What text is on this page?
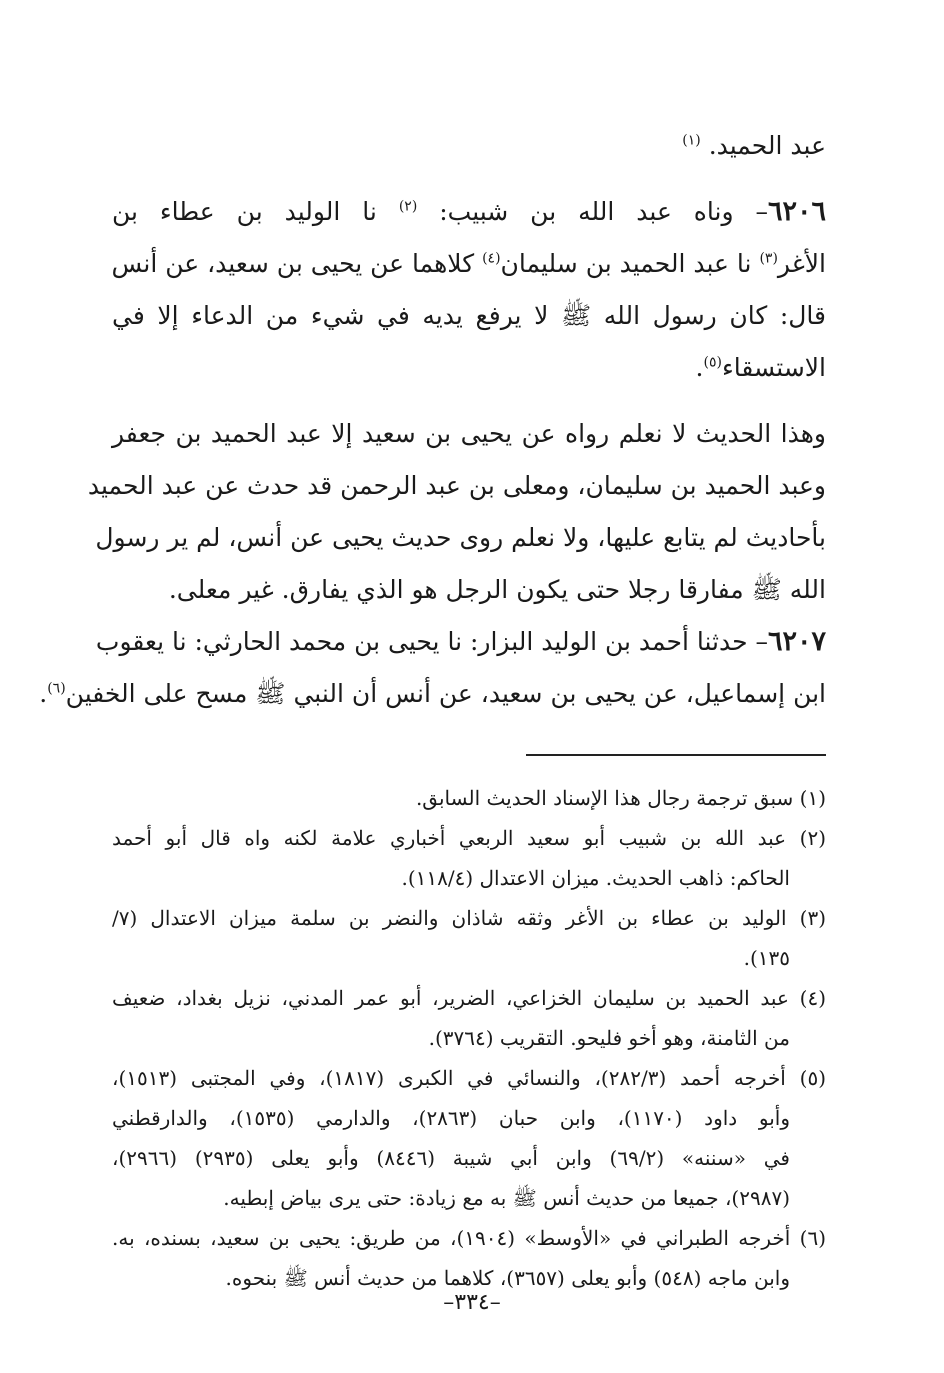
عبد الحميد. $^{(١)}$
٦٢٠٦– وناه عبد الله بن شبيب: $^{(٢)}$ نا الوليد بن عطاء بن
الأغر$^{(٣)}$ نا عبد الحميد بن سليمان$^{(٤)}$ كلاهما عن يحيى بن سعيد، عن أنس
قال: كان رسول الله ﷺ لا يرفع يديه في شيء من الدعاء إلا في
الاستسقاء$^{(٥)}$.
وهذا الحديث لا نعلم رواه عن يحيى بن سعيد إلا عبد الحميد بن جعفر
وعبد الحميد بن سليمان، ومعلى بن عبد الرحمن قد حدث عن عبد الحميد
بأحاديث لم يتابع عليها، ولا نعلم روى حديث يحيى عن أنس، لم ير رسول
الله ﷺ مفارقا رجلا حتى يكون الرجل هو الذي يفارق. غير معلى.
٦٢٠٧– حدثنا أحمد بن الوليد البزار: نا يحيى بن محمد الحارثي: نا يعقوب
ابن إسماعيل، عن يحيى بن سعيد، عن أنس أن النبي ﷺ مسح على الخفين$^{(٦)}$.
(١) سبق ترجمة رجال هذا الإسناد الحديث السابق.
(٢) عبد الله بن شبيب أبو سعيد الربعي أخباري علامة لكنه واه قال أبو أحمد
الحاكم: ذاهب الحديث. ميزان الاعتدال (١١٨/٤).
(٣) الوليد بن عطاء بن الأغر وثقه شاذان والنضر بن سلمة ميزان الاعتدال (٧/
١٣٥).
(٤) عبد الحميد بن سليمان الخزاعي، الضرير، أبو عمر المدني، نزيل بغداد، ضعيف
من الثامنة، وهو أخو فليحو. التقريب (٣٧٦٤).
(٥) أخرجه أحمد (٢٨٢/٣)، والنسائي في الكبرى (١٨١٧)، وفي المجتبى (١٥١٣)،
وأبو داود (١١٧٠)، وابن حبان (٢٨٦٣)، والدارمي (١٥٣٥)، والدارقطني
في «سننه» (٦٩/٢) وابن أبي شيبة (٨٤٤٦) وأبو يعلى (٢٩٣٥) (٢٩٦٦)،
(٢٩٨٧)، جميعا من حديث أنس ﷺ به مع زيادة: حتى يرى بياض إبطيه.
(٦) أخرجه الطبراني في «الأوسط» (١٩٠٤)، من طريق: يحيى بن سعيد، بسنده، به.
وابن ماجه (٥٤٨) وأبو يعلى (٣٦٥٧)، كلاهما من حديث أنس ﷺ بنحوه.
–٣٣٤–
